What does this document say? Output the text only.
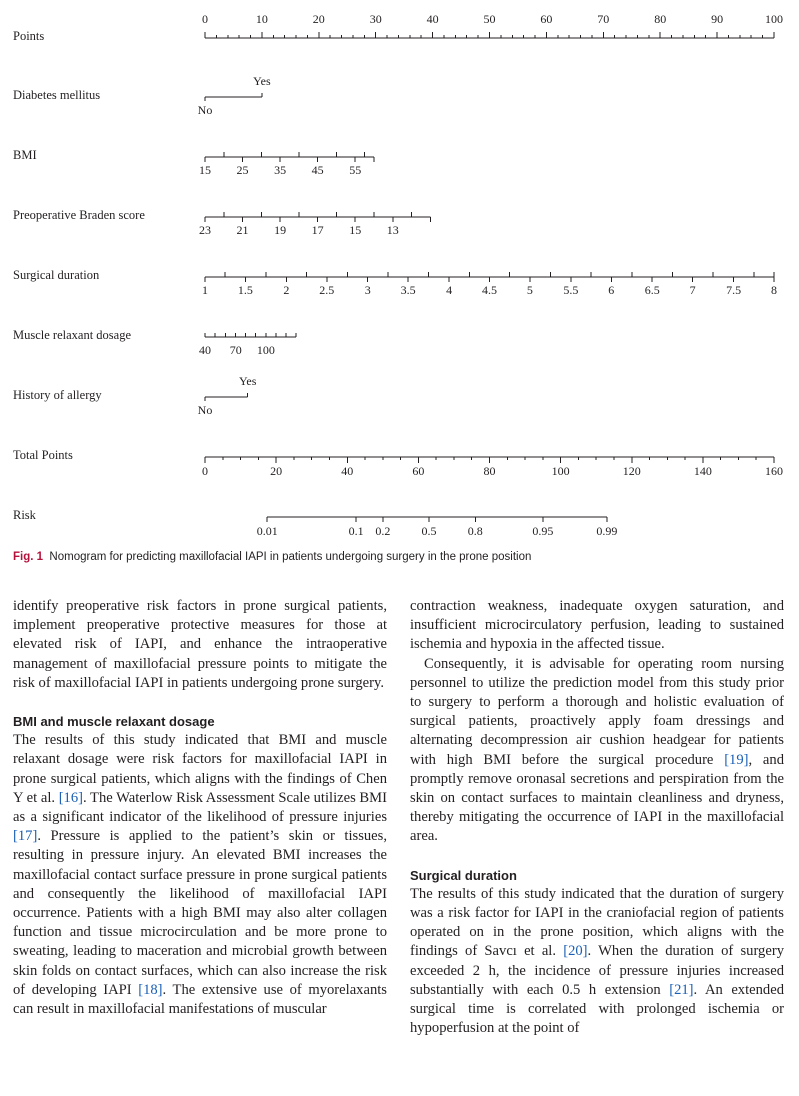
Points
0	10	20	30	40	50	60	70	80	90	100
Diabetes mellitus
No
Yes
BMI
15 25 35 45 55
Preoperative Braden score
23 21 19 17 15 13
Surgical duration
1 1.5	2 2.5	3 3.5	4 4.5 5	5.5 6	6.5 7	7.5 8
Muscle relaxant dosage
40 70 100
History of allergy
No
Yes
Total Points
0	20	40	60	80	100	120	140	160
Risk
0.01	0.1 0.2	0.5	0.8	0.95	0.99
Fig. 1 Nomogram for predicting maxillofacial IAPI in patients undergoing surgery in the prone position

identify preoperative risk factors in prone surgical patients, implement preoperative protective measures for those at elevated risk of IAPI, and enhance the intraoperative management of maxillofacial pressure points to mitigate the risk of maxillofacial IAPI in patients undergoing prone surgery.

BMI and muscle relaxant dosage

The results of this study indicated that BMI and muscle relaxant dosage were risk factors for maxillofacial IAPI in prone surgical patients, which aligns with the findings of Chen Y et al. [16]. The Waterlow Risk Assessment Scale utilizes BMI as a significant indicator of the likelihood of pressure injuries [17]. Pressure is applied to the patient’s skin or tissues, resulting in pressure injury. An elevated BMI increases the maxillofacial contact surface pressure in prone surgical patients and consequently the likelihood of maxillofacial IAPI occurrence. Patients with a high BMI may also alter collagen function and tissue microcirculation and be more prone to sweating, leading to maceration and microbial growth between skin folds on contact surfaces, which can also increase the risk of developing IAPI [18]. The extensive use of myorelaxants can result in maxillofacial manifestations of muscular

contraction weakness, inadequate oxygen saturation, and insufficient microcirculatory perfusion, leading to sustained ischemia and hypoxia in the affected tissue.

Consequently, it is advisable for operating room nursing personnel to utilize the prediction model from this study prior to surgery to perform a thorough and holistic evaluation of surgical patients, proactively apply foam dressings and alternating decompression air cushion headgear for patients with high BMI before the surgical procedure [19], and promptly remove oronasal secretions and perspiration from the skin on contact surfaces to maintain cleanliness and dryness, thereby mitigating the occurrence of IAPI in the maxillofacial area.

Surgical duration

The results of this study indicated that the duration of surgery was a risk factor for IAPI in the craniofacial region of patients operated on in the prone position, which aligns with the findings of Savcı et al. [20]. When the duration of surgery exceeded 2 h, the incidence of pressure injuries increased substantially with each 0.5 h extension [21]. An extended surgical time is correlated with prolonged ischemia or hypoperfusion at the point of
